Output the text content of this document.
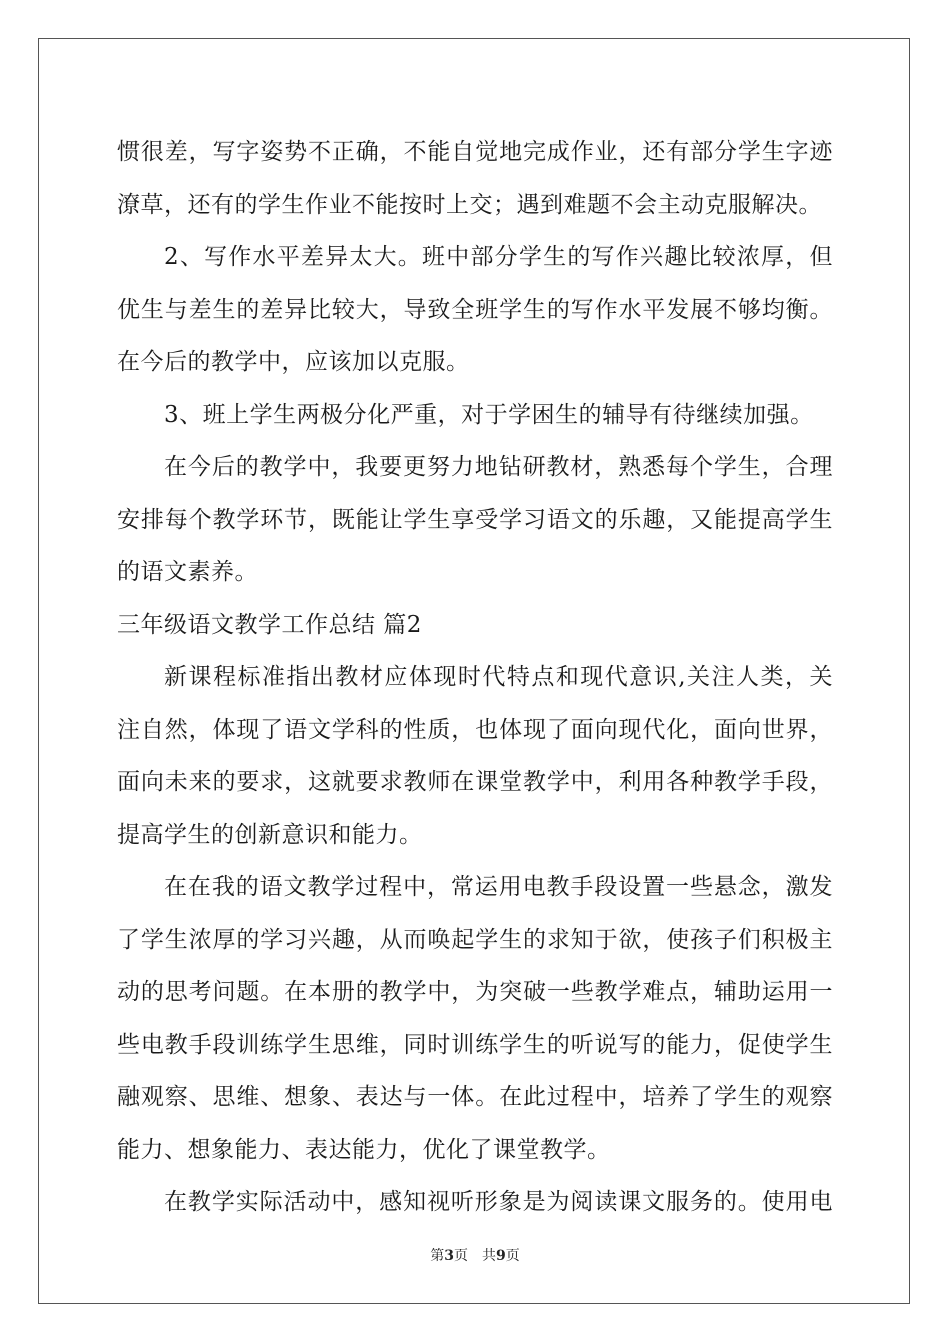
惯很差，写字姿势不正确，不能自觉地完成作业，还有部分学生字迹
潦草，还有的学生作业不能按时上交；遇到难题不会主动克服解决。
2、写作水平差异太大。班中部分学生的写作兴趣比较浓厚，但
优生与差生的差异比较大，导致全班学生的写作水平发展不够均衡。
在今后的教学中，应该加以克服。
3、班上学生两极分化严重，对于学困生的辅导有待继续加强。
在今后的教学中，我要更努力地钻研教材，熟悉每个学生，合理
安排每个教学环节，既能让学生享受学习语文的乐趣，又能提高学生
的语文素养。
三年级语文教学工作总结 篇2
新课程标准指出教材应体现时代特点和现代意识,关注人类，关
注自然，体现了语文学科的性质，也体现了面向现代化，面向世界，
面向未来的要求，这就要求教师在课堂教学中，利用各种教学手段，
提高学生的创新意识和能力。
在在我的语文教学过程中，常运用电教手段设置一些悬念，激发
了学生浓厚的学习兴趣，从而唤起学生的求知于欲，使孩子们积极主
动的思考问题。在本册的教学中，为突破一些教学难点，辅助运用一
些电教手段训练学生思维，同时训练学生的听说写的能力，促使学生
融观察、思维、想象、表达与一体。在此过程中，培养了学生的观察
能力、想象能力、表达能力，优化了课堂教学。
在教学实际活动中，感知视听形象是为阅读课文服务的。使用电
第3页 共9页
